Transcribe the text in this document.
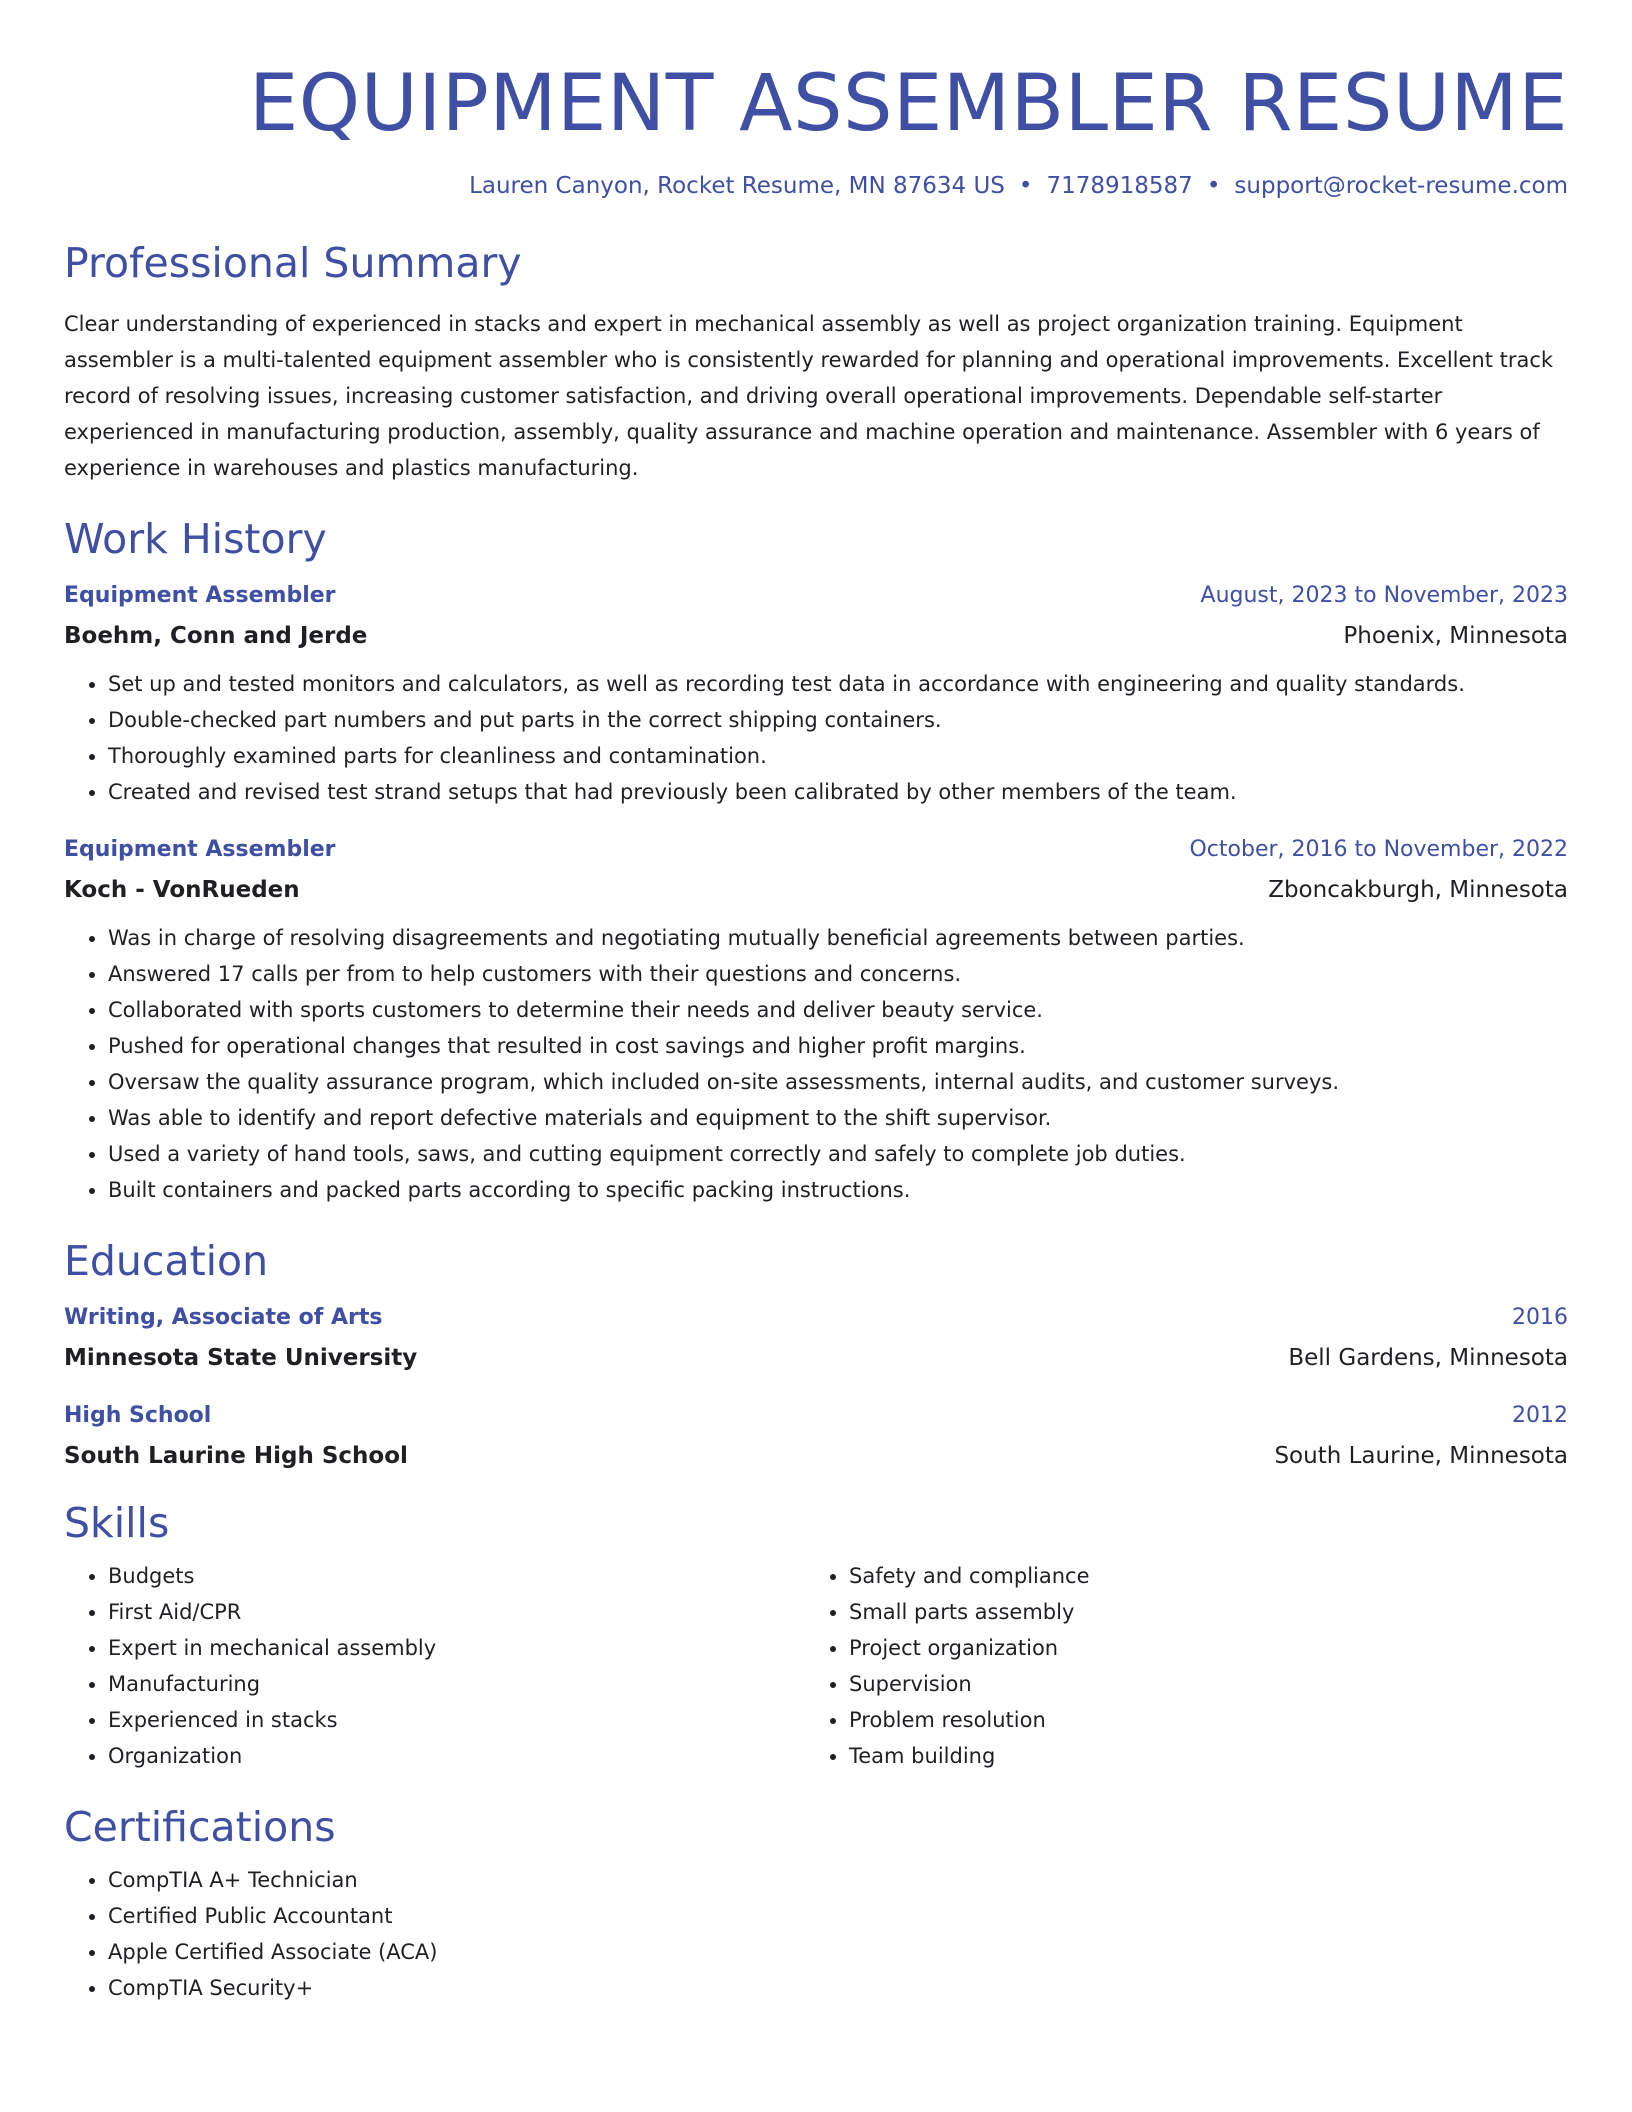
EQUIPMENT ASSEMBLER RESUME
Lauren Canyon, Rocket Resume, MN 87634 US • 7178918587 • support@rocket-resume.com
Professional Summary
Clear understanding of experienced in stacks and expert in mechanical assembly as well as project organization training. Equipment assembler is a multi-talented equipment assembler who is consistently rewarded for planning and operational improvements. Excellent track record of resolving issues, increasing customer satisfaction, and driving overall operational improvements. Dependable self-starter experienced in manufacturing production, assembly, quality assurance and machine operation and maintenance. Assembler with 6 years of experience in warehouses and plastics manufacturing.
Work History
Equipment Assembler	August, 2023 to November, 2023
Boehm, Conn and Jerde	Phoenix, Minnesota
• Set up and tested monitors and calculators, as well as recording test data in accordance with engineering and quality standards.
• Double-checked part numbers and put parts in the correct shipping containers.
• Thoroughly examined parts for cleanliness and contamination.
• Created and revised test strand setups that had previously been calibrated by other members of the team.
Equipment Assembler	October, 2016 to November, 2022
Koch - VonRueden	Zboncakburgh, Minnesota
• Was in charge of resolving disagreements and negotiating mutually beneficial agreements between parties.
• Answered 17 calls per from to help customers with their questions and concerns.
• Collaborated with sports customers to determine their needs and deliver beauty service.
• Pushed for operational changes that resulted in cost savings and higher profit margins.
• Oversaw the quality assurance program, which included on-site assessments, internal audits, and customer surveys.
• Was able to identify and report defective materials and equipment to the shift supervisor.
• Used a variety of hand tools, saws, and cutting equipment correctly and safely to complete job duties.
• Built containers and packed parts according to specific packing instructions.
Education
Writing, Associate of Arts	2016
Minnesota State University	Bell Gardens, Minnesota
High School	2012
South Laurine High School	South Laurine, Minnesota
Skills
• Budgets
• First Aid/CPR
• Expert in mechanical assembly
• Manufacturing
• Experienced in stacks
• Organization
• Safety and compliance
• Small parts assembly
• Project organization
• Supervision
• Problem resolution
• Team building
Certifications
• CompTIA A+ Technician
• Certified Public Accountant
• Apple Certified Associate (ACA)
• CompTIA Security+
